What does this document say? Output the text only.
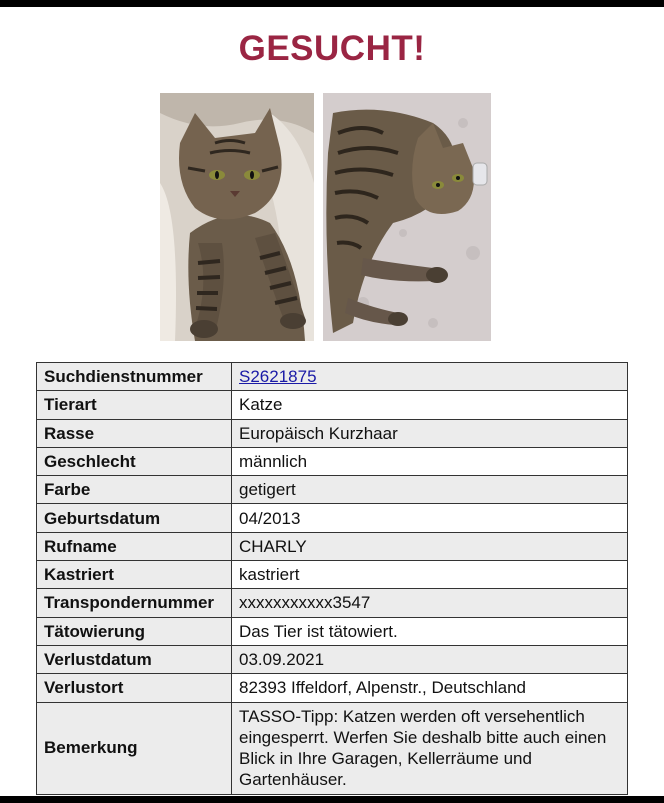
GESUCHT!
Suchdienstnummer	S2621875
Tierart	Katze
Rasse	Europäisch Kurzhaar
Geschlecht	männlich
Farbe	getigert
Geburtsdatum	04/2013
Rufname	CHARLY
Kastriert	kastriert
Transpondernummer	xxxxxxxxxxx3547
Tätowierung	Das Tier ist tätowiert.
Verlustdatum	03.09.2021
Verlustort	82393 Iffeldorf, Alpenstr., Deutschland
Bemerkung	TASSO-Tipp: Katzen werden oft versehentlich eingesperrt. Werfen Sie deshalb bitte auch einen Blick in Ihre Garagen, Kellerräume und Gartenhäuser.
